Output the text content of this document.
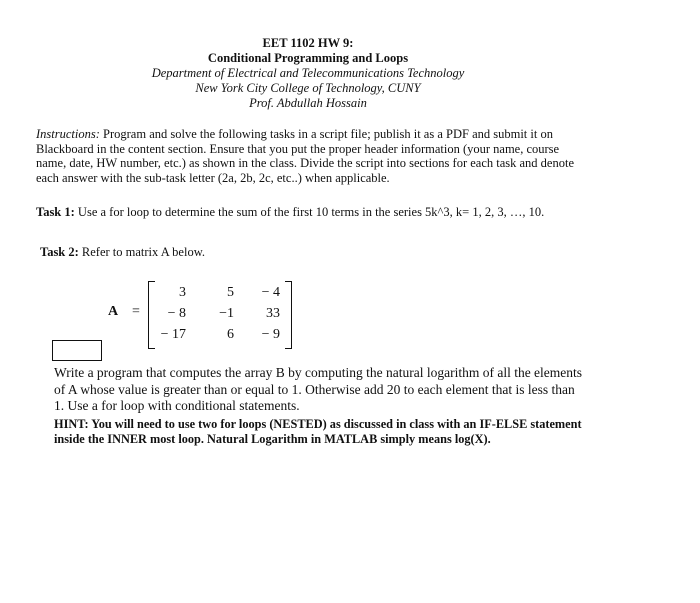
EET 1102 HW 9:
Conditional Programming and Loops
Department of Electrical and Telecommunications Technology
New York City College of Technology, CUNY
Prof. Abdullah Hossain
Instructions: Program and solve the following tasks in a script file; publish it as a PDF and submit it on Blackboard in the content section. Ensure that you put the proper header information (your name, course name, date, HW number, etc.) as shown in the class. Divide the script into sections for each task and denote each answer with the sub-task letter (2a, 2b, 2c, etc..) when applicable.
Task 1: Use a for loop to determine the sum of the first 10 terms in the series 5k^3, k= 1, 2, 3, …, 10.
Task 2: Refer to matrix A below.
A =
3	5	− 4
− 8	−1	33
− 17	6	− 9
Write a program that computes the array B by computing the natural logarithm of all the elements of A whose value is greater than or equal to 1. Otherwise add 20 to each element that is less than 1. Use a for loop with conditional statements.
HINT: You will need to use two for loops (NESTED) as discussed in class with an IF-ELSE statement inside the INNER most loop. Natural Logarithm in MATLAB simply means log(X).
